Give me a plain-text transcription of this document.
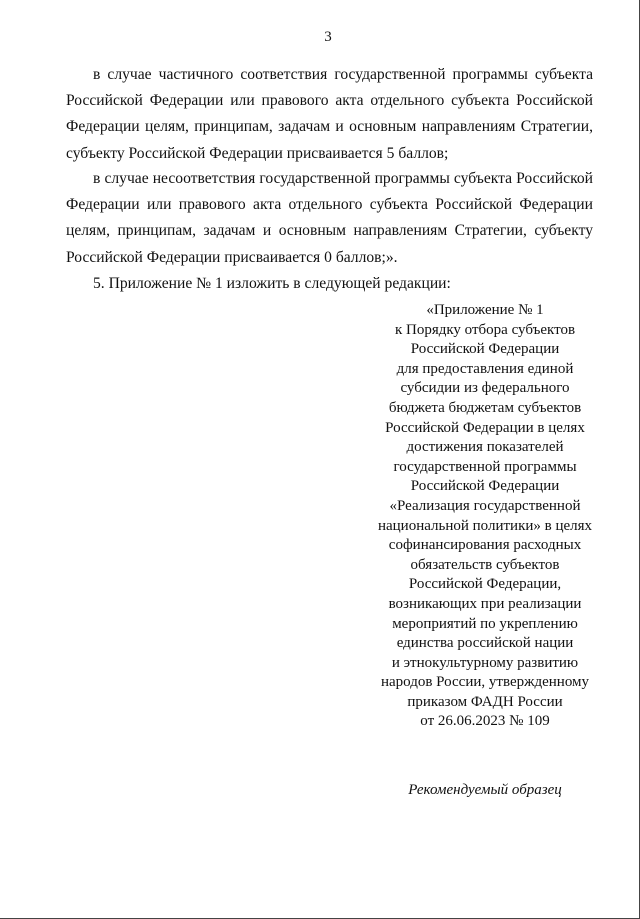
3

в случае частичного соответствия государственной программы субъекта Российской Федерации или правового акта отдельного субъекта Российской Федерации целям, принципам, задачам и основным направлениям Стратегии, субъекту Российской Федерации присваивается 5 баллов;

в случае несоответствия государственной программы субъекта Российской Федерации или правового акта отдельного субъекта Российской Федерации целям, принципам, задачам и основным направлениям Стратегии, субъекту Российской Федерации присваивается 0 баллов;».

5. Приложение № 1 изложить в следующей редакции:

«Приложение № 1
к Порядку отбора субъектов
Российской Федерации
для предоставления единой
субсидии из федерального
бюджета бюджетам субъектов
Российской Федерации в целях
достижения показателей
государственной программы
Российской Федерации
«Реализация государственной
национальной политики» в целях
софинансирования расходных
обязательств субъектов
Российской Федерации,
возникающих при реализации
мероприятий по укреплению
единства российской нации
и этнокультурному развитию
народов России, утвержденному
приказом ФАДН России
от 26.06.2023 № 109
Рекомендуемый образец
